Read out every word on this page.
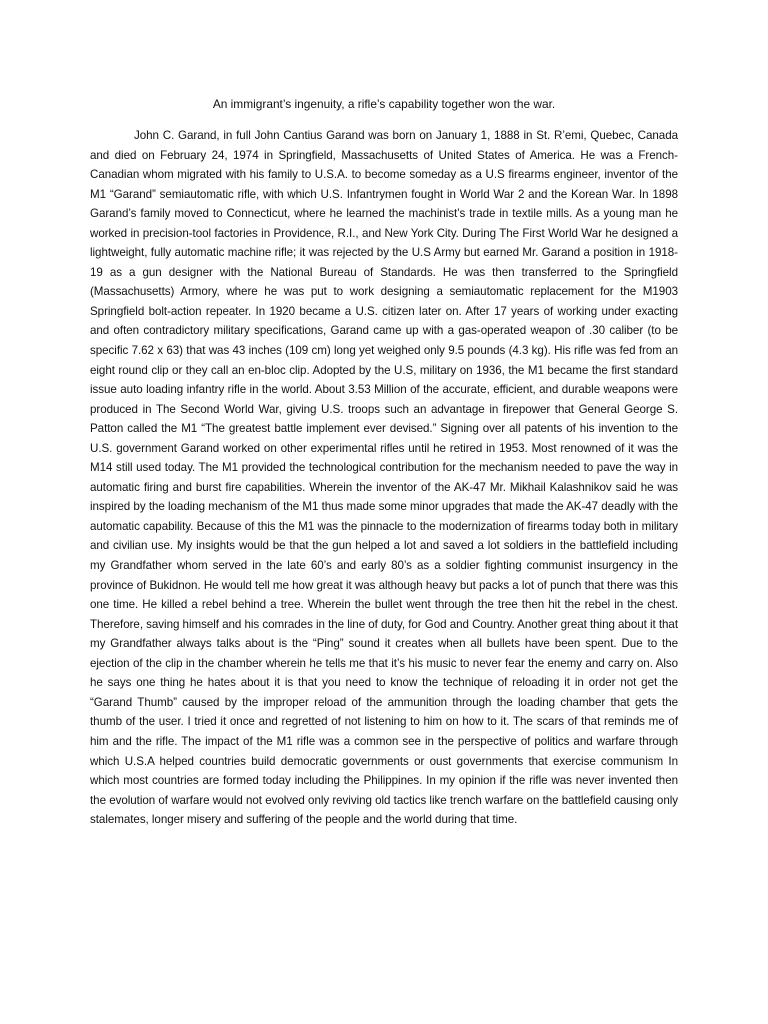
An immigrant’s ingenuity, a rifle’s capability together won the war.

John C. Garand, in full John Cantius Garand was born on January 1, 1888 in St. R’emi, Quebec, Canada and died on February 24, 1974 in Springfield, Massachusetts of United States of America. He was a French-Canadian whom migrated with his family to U.S.A. to become someday as a U.S firearms engineer, inventor of the M1 “Garand” semiautomatic rifle, with which U.S. Infantrymen fought in World War 2 and the Korean War. In 1898 Garand’s family moved to Connecticut, where he learned the machinist’s trade in textile mills. As a young man he worked in precision-tool factories in Providence, R.I., and New York City. During The First World War he designed a lightweight, fully automatic machine rifle; it was rejected by the U.S Army but earned Mr. Garand a position in 1918-19 as a gun designer with the National Bureau of Standards. He was then transferred to the Springfield (Massachusetts) Armory, where he was put to work designing a semiautomatic replacement for the M1903 Springfield bolt-action repeater. In 1920 became a U.S. citizen later on. After 17 years of working under exacting and often contradictory military specifications, Garand came up with a gas-operated weapon of .30 caliber (to be specific 7.62 x 63) that was 43 inches (109 cm) long yet weighed only 9.5 pounds (4.3 kg). His rifle was fed from an eight round clip or they call an en-bloc clip. Adopted by the U.S, military on 1936, the M1 became the first standard issue auto loading infantry rifle in the world. About 3.53 Million of the accurate, efficient, and durable weapons were produced in The Second World War, giving U.S. troops such an advantage in firepower that General George S. Patton called the M1 “The greatest battle implement ever devised.” Signing over all patents of his invention to the U.S. government Garand worked on other experimental rifles until he retired in 1953. Most renowned of it was the M14 still used today. The M1 provided the technological contribution for the mechanism needed to pave the way in automatic firing and burst fire capabilities. Wherein the inventor of the AK-47 Mr. Mikhail Kalashnikov said he was inspired by the loading mechanism of the M1 thus made some minor upgrades that made the AK-47 deadly with the automatic capability. Because of this the M1 was the pinnacle to the modernization of firearms today both in military and civilian use. My insights would be that the gun helped a lot and saved a lot soldiers in the battlefield including my Grandfather whom served in the late 60’s and early 80’s as a soldier fighting communist insurgency in the province of Bukidnon. He would tell me how great it was although heavy but packs a lot of punch that there was this one time. He killed a rebel behind a tree. Wherein the bullet went through the tree then hit the rebel in the chest. Therefore, saving himself and his comrades in the line of duty, for God and Country. Another great thing about it that my Grandfather always talks about is the “Ping” sound it creates when all bullets have been spent. Due to the ejection of the clip in the chamber wherein he tells me that it’s his music to never fear the enemy and carry on. Also he says one thing he hates about it is that you need to know the technique of reloading it in order not get the “Garand Thumb” caused by the improper reload of the ammunition through the loading chamber that gets the thumb of the user. I tried it once and regretted of not listening to him on how to it. The scars of that reminds me of him and the rifle. The impact of the M1 rifle was a common see in the perspective of politics and warfare through which U.S.A helped countries build democratic governments or oust governments that exercise communism In which most countries are formed today including the Philippines. In my opinion if the rifle was never invented then the evolution of warfare would not evolved only reviving old tactics like trench warfare on the battlefield causing only stalemates, longer misery and suffering of the people and the world during that time.
